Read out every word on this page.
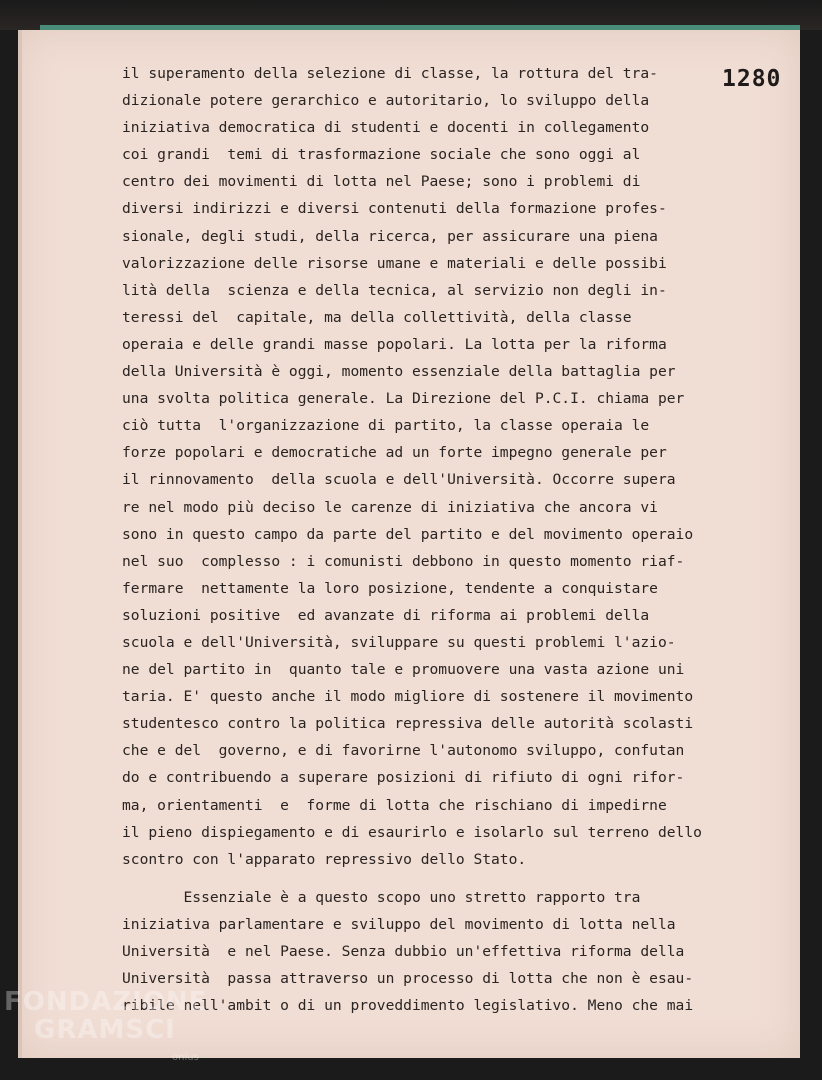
1280
il superamento della selezione di classe, la rottura del tra-
dizionale potere gerarchico e autoritario, lo sviluppo della
iniziativa democratica di studenti e docenti in collegamento
coi grandi  temi di trasformazione sociale che sono oggi al
centro dei movimenti di lotta nel Paese; sono i problemi di
diversi indirizzi e diversi contenuti della formazione profes-
sionale, degli studi, della ricerca, per assicurare una piena
valorizzazione delle risorse umane e materiali e delle possibi
lità della  scienza e della tecnica, al servizio non degli in-
teressi del  capitale, ma della collettività, della classe
operaia e delle grandi masse popolari. La lotta per la riforma
della Università è oggi, momento essenziale della battaglia per
una svolta politica generale. La Direzione del P.C.I. chiama per
ciò tutta  l'organizzazione di partito, la classe operaia le
forze popolari e democratiche ad un forte impegno generale per
il rinnovamento  della scuola e dell'Università. Occorre supera
re nel modo più deciso le carenze di iniziativa che ancora vi
sono in questo campo da parte del partito e del movimento operaio
nel suo  complesso : i comunisti debbono in questo momento riaf-
fermare  nettamente la loro posizione, tendente a conquistare
soluzioni positive  ed avanzate di riforma ai problemi della
scuola e dell'Università, sviluppare su questi problemi l'azio-
ne del partito in  quanto tale e promuovere una vasta azione uni
taria. E' questo anche il modo migliore di sostenere il movimento
studentesco contro la politica repressiva delle autorità scolasti
che e del  governo, e di favorirne l'autonomo sviluppo, confutan
do e contribuendo a superare posizioni di rifiuto di ogni rifor-
ma, orientamenti  e  forme di lotta che rischiano di impedirne
il pieno dispiegamento e di esaurirlo e isolarlo sul terreno dello
scontro con l'apparato repressivo dello Stato.
Essenziale è a questo scopo uno stretto rapporto tra
iniziativa parlamentare e sviluppo del movimento di lotta nella
Università  e nel Paese. Senza dubbio un'effettiva riforma della
Università  passa attraverso un processo di lotta che non è esau-
ribile nell'ambit o di un proveddimento legislativo. Meno che mai
FONDAZIONE
GRAMSCI
onlus
